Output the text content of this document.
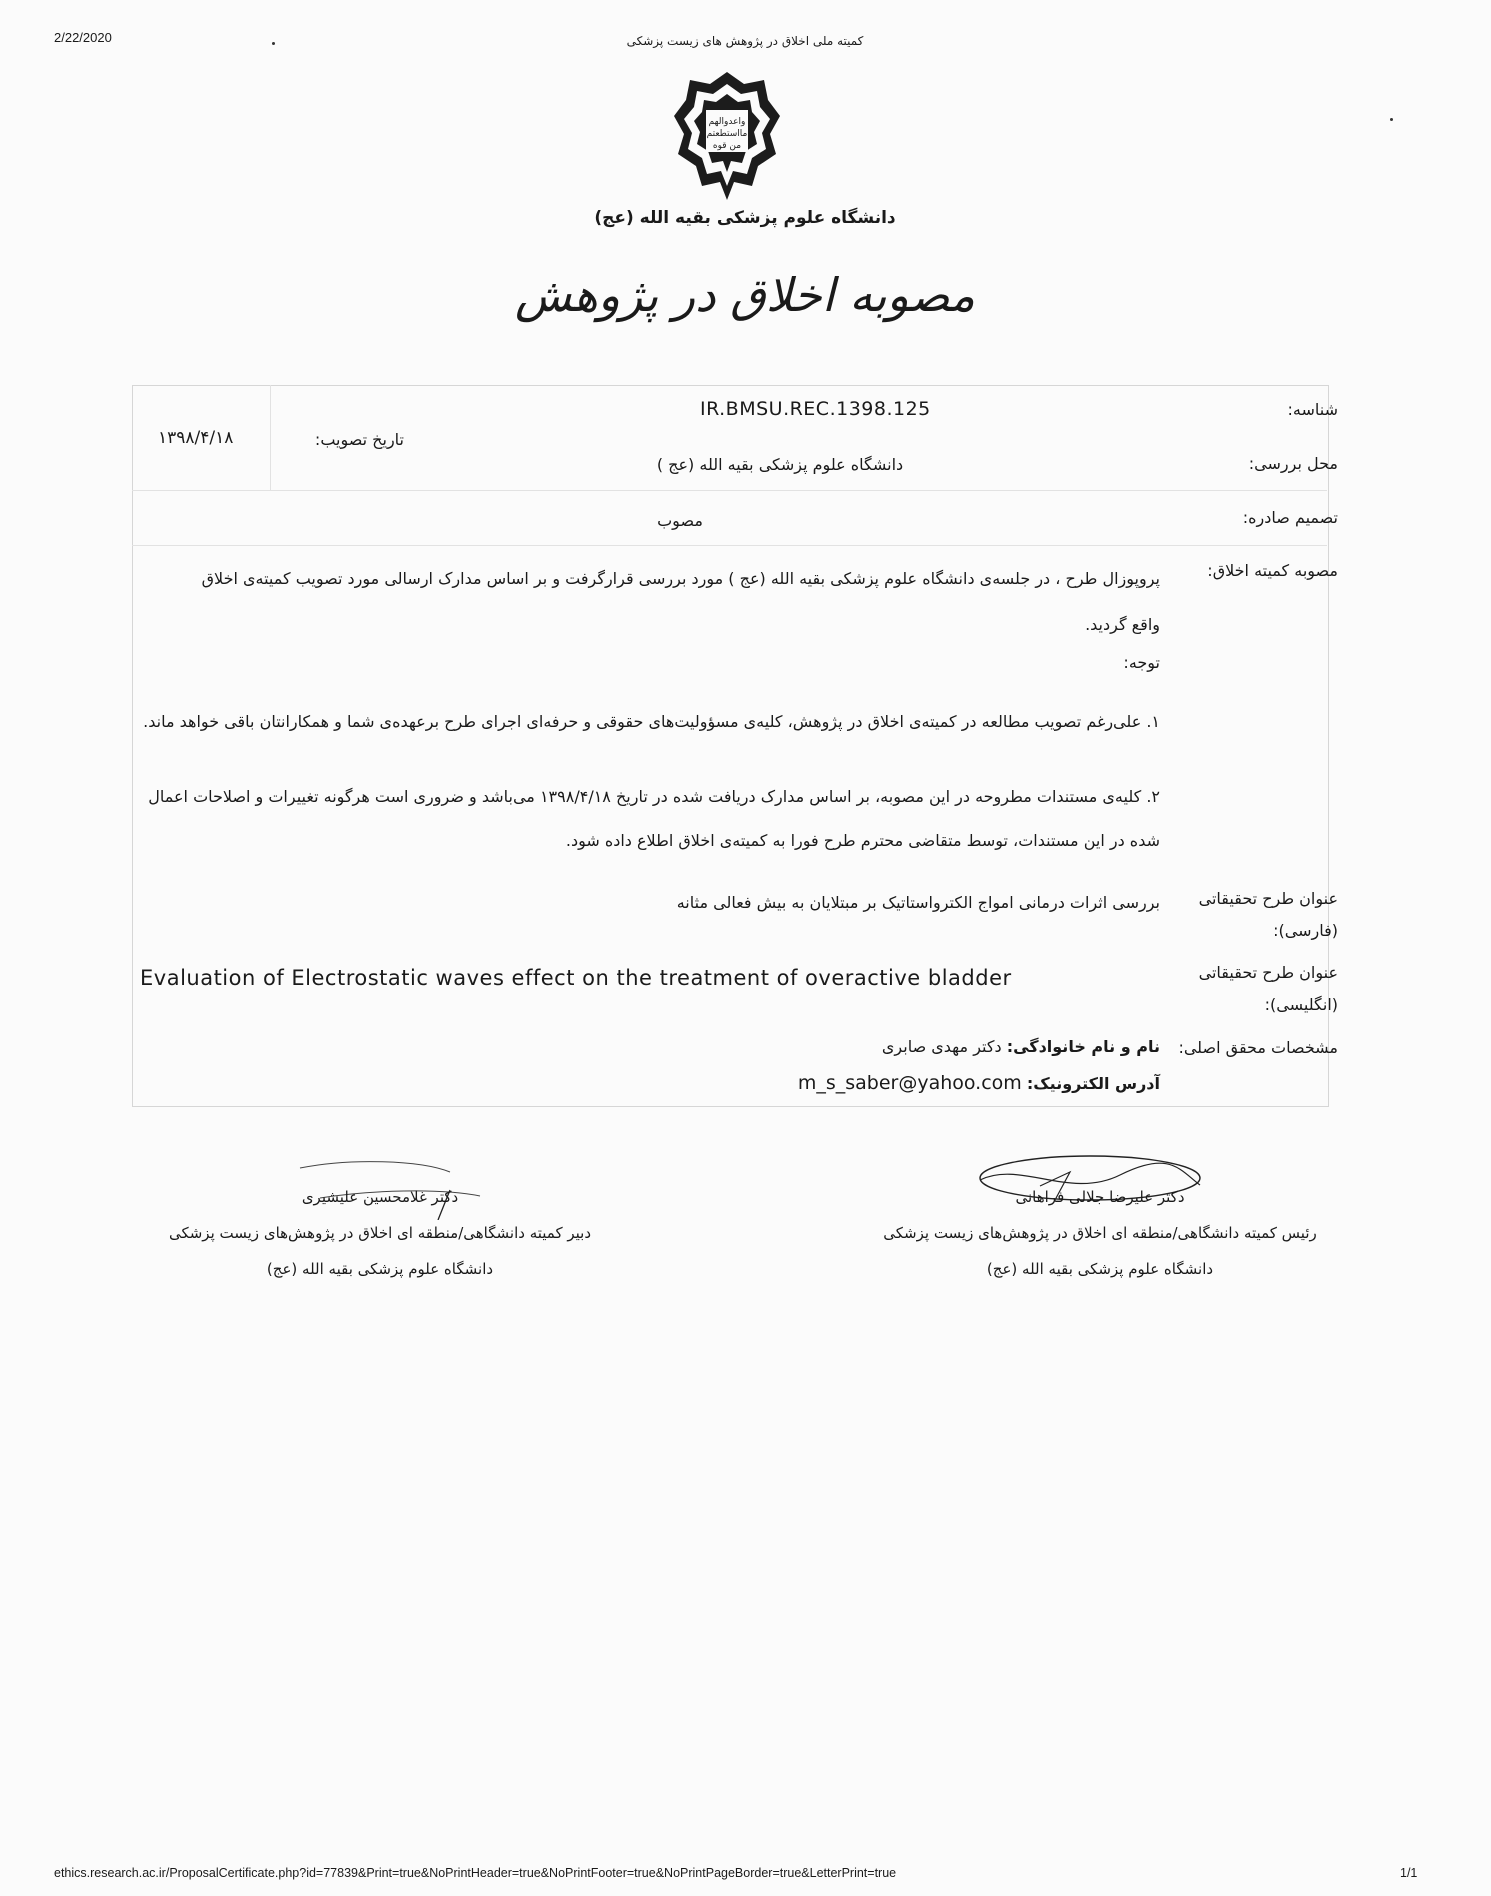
2/22/2020	کمیته ملی اخلاق در پژوهش های زیست پزشکی
واعدوالهم
مااستطعتم
من قوه
دانشگاه علوم پزشکی بقیه الله (عج)
مصوبه اخلاق در پژوهش
شناسه:
IR.BMSU.REC.1398.125
تاریخ تصویب:
۱۳۹۸/۴/۱۸
محل بررسی:
دانشگاه علوم پزشکی بقیه الله (عج )
تصمیم صادره:
مصوب
مصوبه کمیته اخلاق:
پروپوزال طرح ، در جلسه‌ی دانشگاه علوم پزشکی بقیه الله (عج ) مورد بررسی قرارگرفت و بر اساس مدارک ارسالی مورد تصویب کمیته‌ی اخلاق واقع گردید.
توجه:
۱. علی‌رغم تصویب مطالعه در کمیته‌ی اخلاق در پژوهش، کلیه‌ی مسؤولیت‌های حقوقی و حرفه‌ای اجرای طرح برعهده‌ی شما و همکارانتان باقی خواهد ماند.
۲. کلیه‌ی مستندات مطروحه در این مصوبه، بر اساس مدارک دریافت شده در تاریخ ۱۳۹۸/۴/۱۸ می‌باشد و ضروری است هرگونه تغییرات و اصلاحات اعمال شده در این مستندات، توسط متقاضی محترم طرح فورا به کمیته‌ی اخلاق اطلاع داده شود.
عنوان طرح تحقیقاتی (فارسی):
بررسی اثرات درمانی امواج الکترواستاتیک بر مبتلایان به بیش فعالی مثانه
عنوان طرح تحقیقاتی (انگلیسی):
Evaluation of Electrostatic waves effect on the treatment of overactive bladder
مشخصات محقق اصلی:
نام و نام خانوادگی: دکتر مهدی صابری
آدرس الکترونیک: m_s_saber@yahoo.com
دکتر علیرضا جلالی فراهانی
رئیس کمیته دانشگاهی/منطقه ای اخلاق در پژوهش‌های زیست پزشکی
دانشگاه علوم پزشکی بقیه الله (عج)
دکتر غلامحسین علیشیری
دبیر کمیته دانشگاهی/منطقه ای اخلاق در پژوهش‌های زیست پزشکی
دانشگاه علوم پزشکی بقیه الله (عج)
ethics.research.ac.ir/ProposalCertificate.php?id=77839&Print=true&NoPrintHeader=true&NoPrintFooter=true&NoPrintPageBorder=true&LetterPrint=true	1/1
